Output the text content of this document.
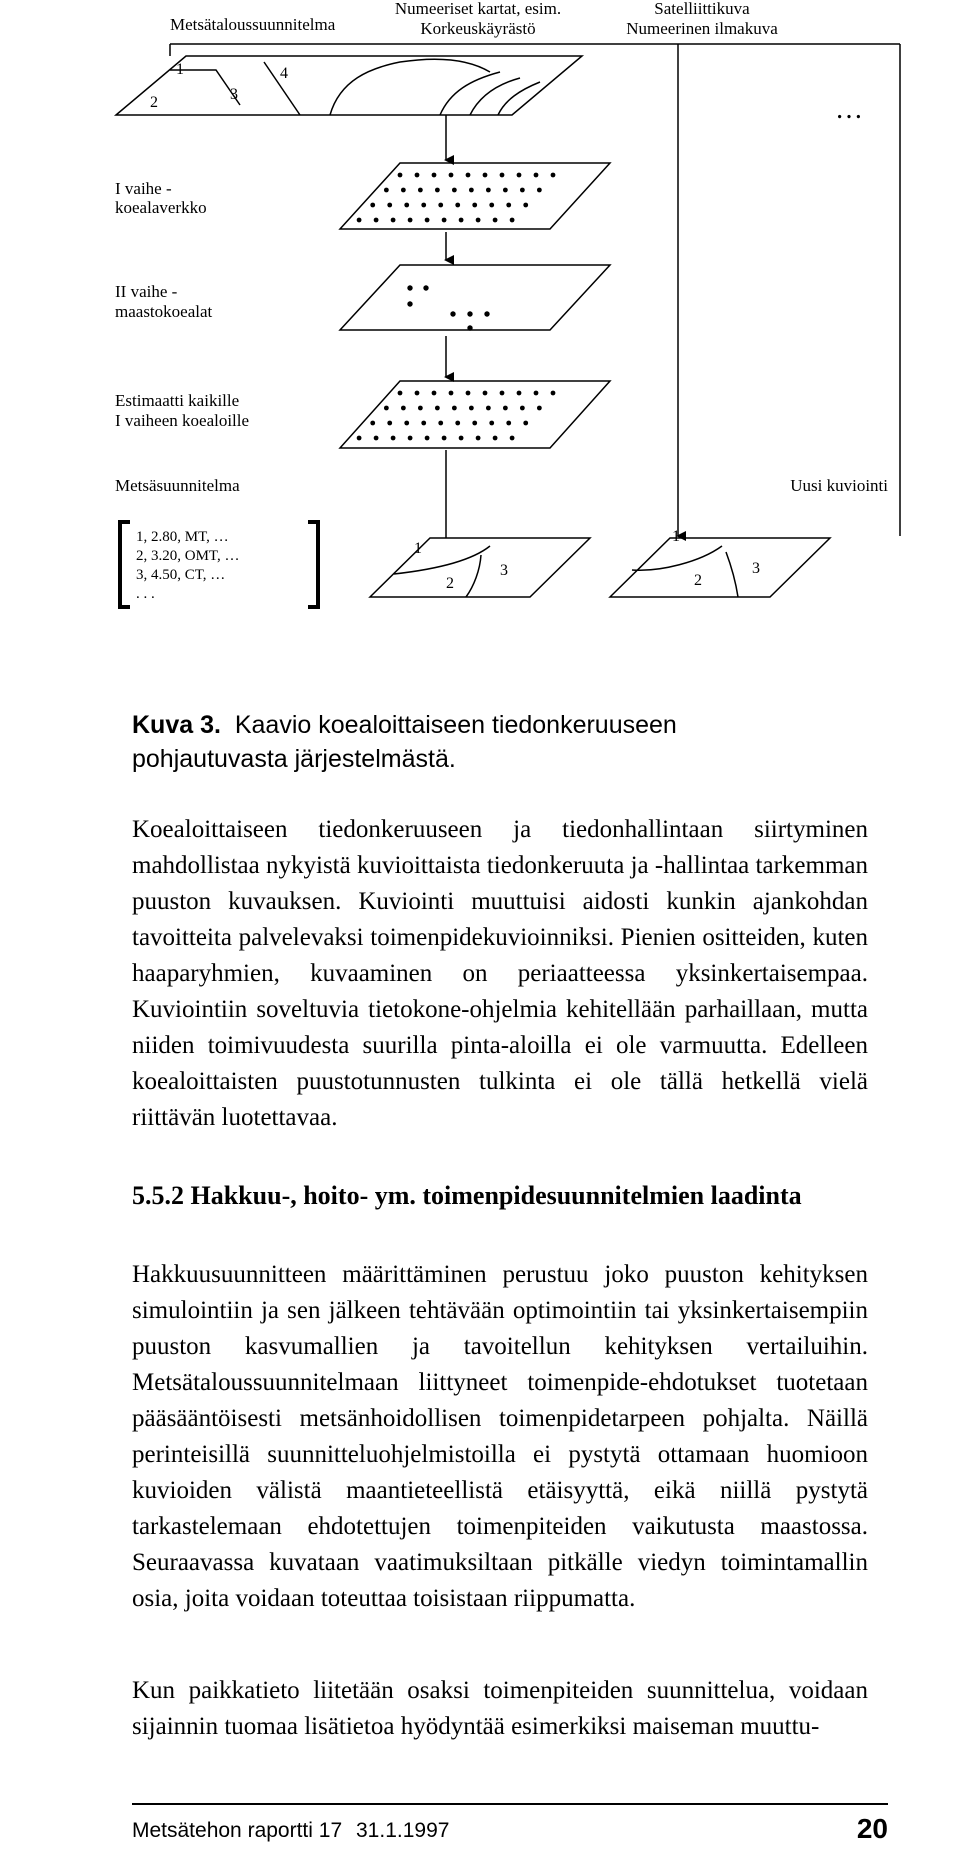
Metsätaloussuunnitelma
Numeeriset kartat, esim.
Korkeuskäyrästö
Satelliittikuva
Numeerinen ilmakuva
1
2	3
4
…
I vaihe -
koealaverkko
II vaihe -
maastokoealat
Estimaatti kaikille
I vaiheen koealoille
Metsäsuunnitelma	Uusi kuviointi
1, 2.80, MT, …
2, 3.20, OMT, …
3, 4.50, CT, …
. . .
1
2
3
1
2
3
Kuva 3. Kaavio koealoittaiseen tiedonkeruuseen
pohjautuvasta järjestelmästä.

Koealoittaiseen tiedonkeruuseen ja tiedonhallintaan siirtyminen mahdollistaa nykyistä kuvioittaista tiedonkeruuta ja -hallintaa tarkemman puuston kuvauksen. Kuviointi muuttuisi aidosti kunkin ajankohdan tavoitteita palvelevaksi toimenpidekuvioinniksi. Pienien ositteiden, kuten haaparyhmien, kuvaaminen on periaatteessa yksinkertaisempaa. Kuviointiin soveltuvia tietokone-ohjelmia kehitellään parhaillaan, mutta niiden toimivuudesta suurilla pinta-aloilla ei ole varmuutta. Edelleen koealoittaisten puustotunnusten tulkinta ei ole tällä hetkellä vielä riittävän luotettavaa.

5.5.2 Hakkuu-, hoito- ym. toimenpidesuunnitelmien laadinta

Hakkuusuunnitteen määrittäminen perustuu joko puuston kehityksen simulointiin ja sen jälkeen tehtävään optimointiin tai yksinkertaisempiin puuston kasvumallien ja tavoitellun kehityksen vertailuihin. Metsätaloussuunnitelmaan liittyneet toimenpide-ehdotukset tuotetaan pääsääntöisesti metsänhoidollisen toimenpidetarpeen pohjalta. Näillä perinteisillä suunnitteluohjelmistoilla ei pystytä ottamaan huomioon kuvioiden välistä maantieteellistä etäisyyttä, eikä niillä pystytä tarkastelemaan ehdotettujen toimenpiteiden vaikutusta maastossa. Seuraavassa kuvataan vaatimuksiltaan pitkälle viedyn toimintamallin osia, joita voidaan toteuttaa toisistaan riippumatta.

Kun paikkatieto liitetään osaksi toimenpiteiden suunnittelua, voidaan sijainnin tuomaa lisätietoa hyödyntää esimerkiksi maiseman muuttu-

Metsätehon raportti 17 31.1.1997	20
